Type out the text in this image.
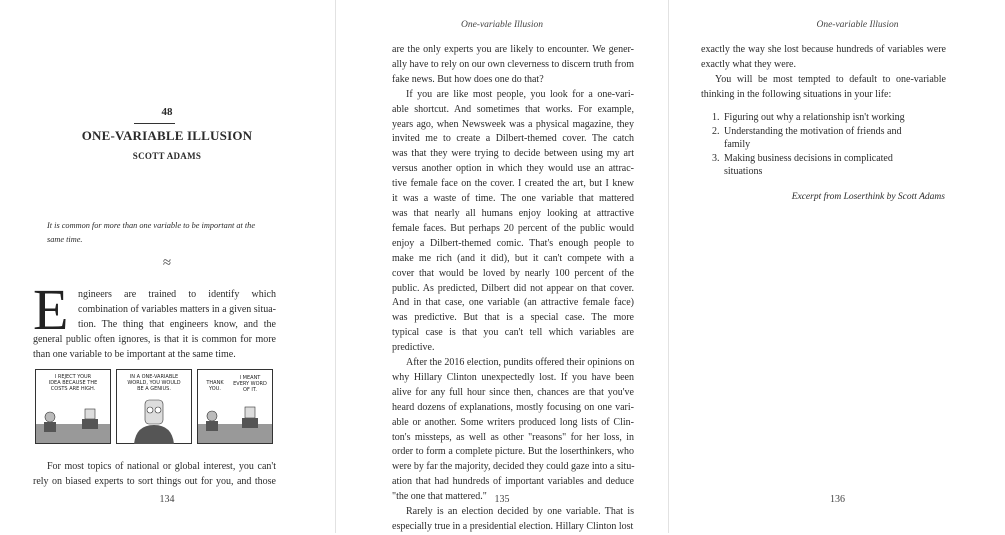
48
ONE-VARIABLE ILLUSION
SCOTT ADAMS
It is common for more than one variable to be important at the
same time.
≈
E ngineers are trained to identify which
combination of variables matters in a given situa-
tion. The thing that engineers know, and the
general public often ignores, is that it is common for more
than one variable to be important at the same time.
I REJECT YOUR
IDEA BECAUSE THE
COSTS ARE HIGH.
IN A ONE-VARIABLE
WORLD, YOU WOULD
BE A GENIUS.
THANK
YOU.
I MEANT
EVERY WORD
OF IT.
For most topics of national or global interest, you can't
rely on biased experts to sort things out for you, and those
134
One-variable Illusion
are the only experts you are likely to encounter. We gener-
ally have to rely on our own cleverness to discern truth from
fake news. But how does one do that?
If you are like most people, you look for a one-vari-
able shortcut. And sometimes that works. For example,
years ago, when Newsweek was a physical magazine, they
invited me to create a Dilbert-themed cover. The catch
was that they were trying to decide between using my art
versus another option in which they would use an attrac-
tive female face on the cover. I created the art, but I knew
it was a waste of time. The one variable that mattered
was that nearly all humans enjoy looking at attractive
female faces. But perhaps 20 percent of the public would
enjoy a Dilbert-themed comic. That's enough people to
make me rich (and it did), but it can't compete with a
cover that would be loved by nearly 100 percent of the
public. As predicted, Dilbert did not appear on that cover.
And in that case, one variable (an attractive female face)
was predictive. But that is a special case. The more
typical case is that you can't tell which variables are
predictive.
After the 2016 election, pundits offered their opinions on
why Hillary Clinton unexpectedly lost. If you have been
alive for any full hour since then, chances are that you've
heard dozens of explanations, mostly focusing on one vari-
able or another. Some writers produced long lists of Clin-
ton's missteps, as well as other "reasons" for her loss, in
order to form a complete picture. But the loserthinkers, who
were by far the majority, decided they could gaze into a situ-
ation that had hundreds of important variables and deduce
"the one that mattered."
Rarely is an election decided by one variable. That is
especially true in a presidential election. Hillary Clinton lost
135
One-variable Illusion
exactly the way she lost because hundreds of variables were
exactly what they were.
You will be most tempted to default to one-variable
thinking in the following situations in your life:
136
1. Figuring out why a relationship isn't working
2. Understanding the motivation of friends and
family
3. Making business decisions in complicated
situations
Excerpt from Loserthink by Scott Adams
